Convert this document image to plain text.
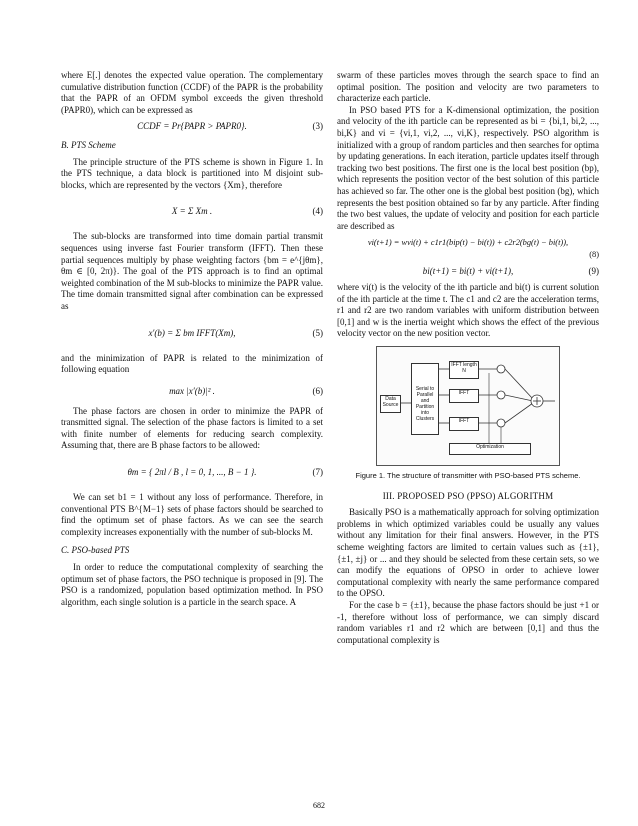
where E[.] denotes the expected value operation. The complementary cumulative distribution function (CCDF) of the PAPR is the probability that the PAPR of an OFDM symbol exceeds the given threshold (PAPR0), which can be expressed as

CCDF = Pr{PAPR > PAPR0}.	(3)
B. PTS Scheme

The principle structure of the PTS scheme is shown in Figure 1. In the PTS technique, a data block is partitioned into M disjoint sub-blocks, which are represented by the vectors {Xm}, therefore

X = Σ Xm .	(4)

The sub-blocks are transformed into time domain partial transmit sequences using inverse fast Fourier transform (IFFT). Then these partial sequences multiply by phase weighting factors {bm = e^{jθm}, θm ∈ [0, 2π)}. The goal of the PTS approach is to find an optimal weighted combination of the M sub-blocks to minimize the PAPR value. The time domain transmitted signal after combination can be expressed as

x′(b) = Σ bm IFFT(Xm),	(5)

and the minimization of PAPR is related to the minimization of following equation

max |x′(b)|² .	(6)

The phase factors are chosen in order to minimize the PAPR of transmitted signal. The selection of the phase factors is limited to a set with finite number of elements for reducing search complexity. Assuming that, there are B phase factors to be allowed:

θm = { 2πl / B , l = 0, 1, ..., B − 1 }.	(7)

We can set b1 = 1 without any loss of performance. Therefore, in conventional PTS B^{M−1} sets of phase factors should be searched to find the optimum set of phase factors. As we can see the search complexity increases exponentially with the number of sub-blocks M.

C. PSO-based PTS

In order to reduce the computational complexity of searching the optimum set of phase factors, the PSO technique is proposed in [9]. The PSO is a randomized, population based optimization method. In PSO algorithm, each single solution is a particle in the search space. A

swarm of these particles moves through the search space to find an optimal position. The position and velocity are two parameters to characterize each particle.

In PSO based PTS for a K-dimensional optimization, the position and velocity of the ith particle can be represented as bi = {bi,1, bi,2, ..., bi,K} and vi = {vi,1, vi,2, ..., vi,K}, respectively. PSO algorithm is initialized with a group of random particles and then searches for optima by updating generations. In each iteration, particle updates itself through tracking two best positions. The first one is the local best position (bp), which represents the position vector of the best solution of this particle has achieved so far. The other one is the global best position (bg), which represents the best position obtained so far by any particle. After finding the two best values, the update of velocity and position for each particle are described as

vi(t+1) = wvi(t) + c1r1(bip(t) − bi(t)) + c2r2(bg(t) − bi(t)),
(8)
bi(t+1) = bi(t) + vi(t+1),	(9)

where vi(t) is the velocity of the ith particle and bi(t) is current solution of the ith particle at the time t. The c1 and c2 are the acceleration terms, r1 and r2 are two random variables with uniform distribution between [0,1] and w is the inertia weight which shows the effect of the previous velocity vector on the new position vector.

Data Source
Serial to Parallel and Partition into Clusters
IFFT length N
IFFT
IFFT
Optimization
Figure 1. The structure of transmitter with PSO-based PTS scheme.
III. PROPOSED PSO (PPSO) ALGORITHM

Basically PSO is a mathematically approach for solving optimization problems in which optimized variables could be usually any values without any limitation for their final answers. However, in the PTS scheme weighting factors are limited to certain values such as {±1}, {±1, ±j} or ... and they should be selected from these certain sets, so we can modify the equations of OPSO in order to achieve lower computational complexity with nearly the same performance compared to the OPSO.

For the case b = {±1}, because the phase factors should be just +1 or -1, therefore without loss of performance, we can simply discard random variables r1 and r2 which are between [0,1] and thus the computational complexity is

682
